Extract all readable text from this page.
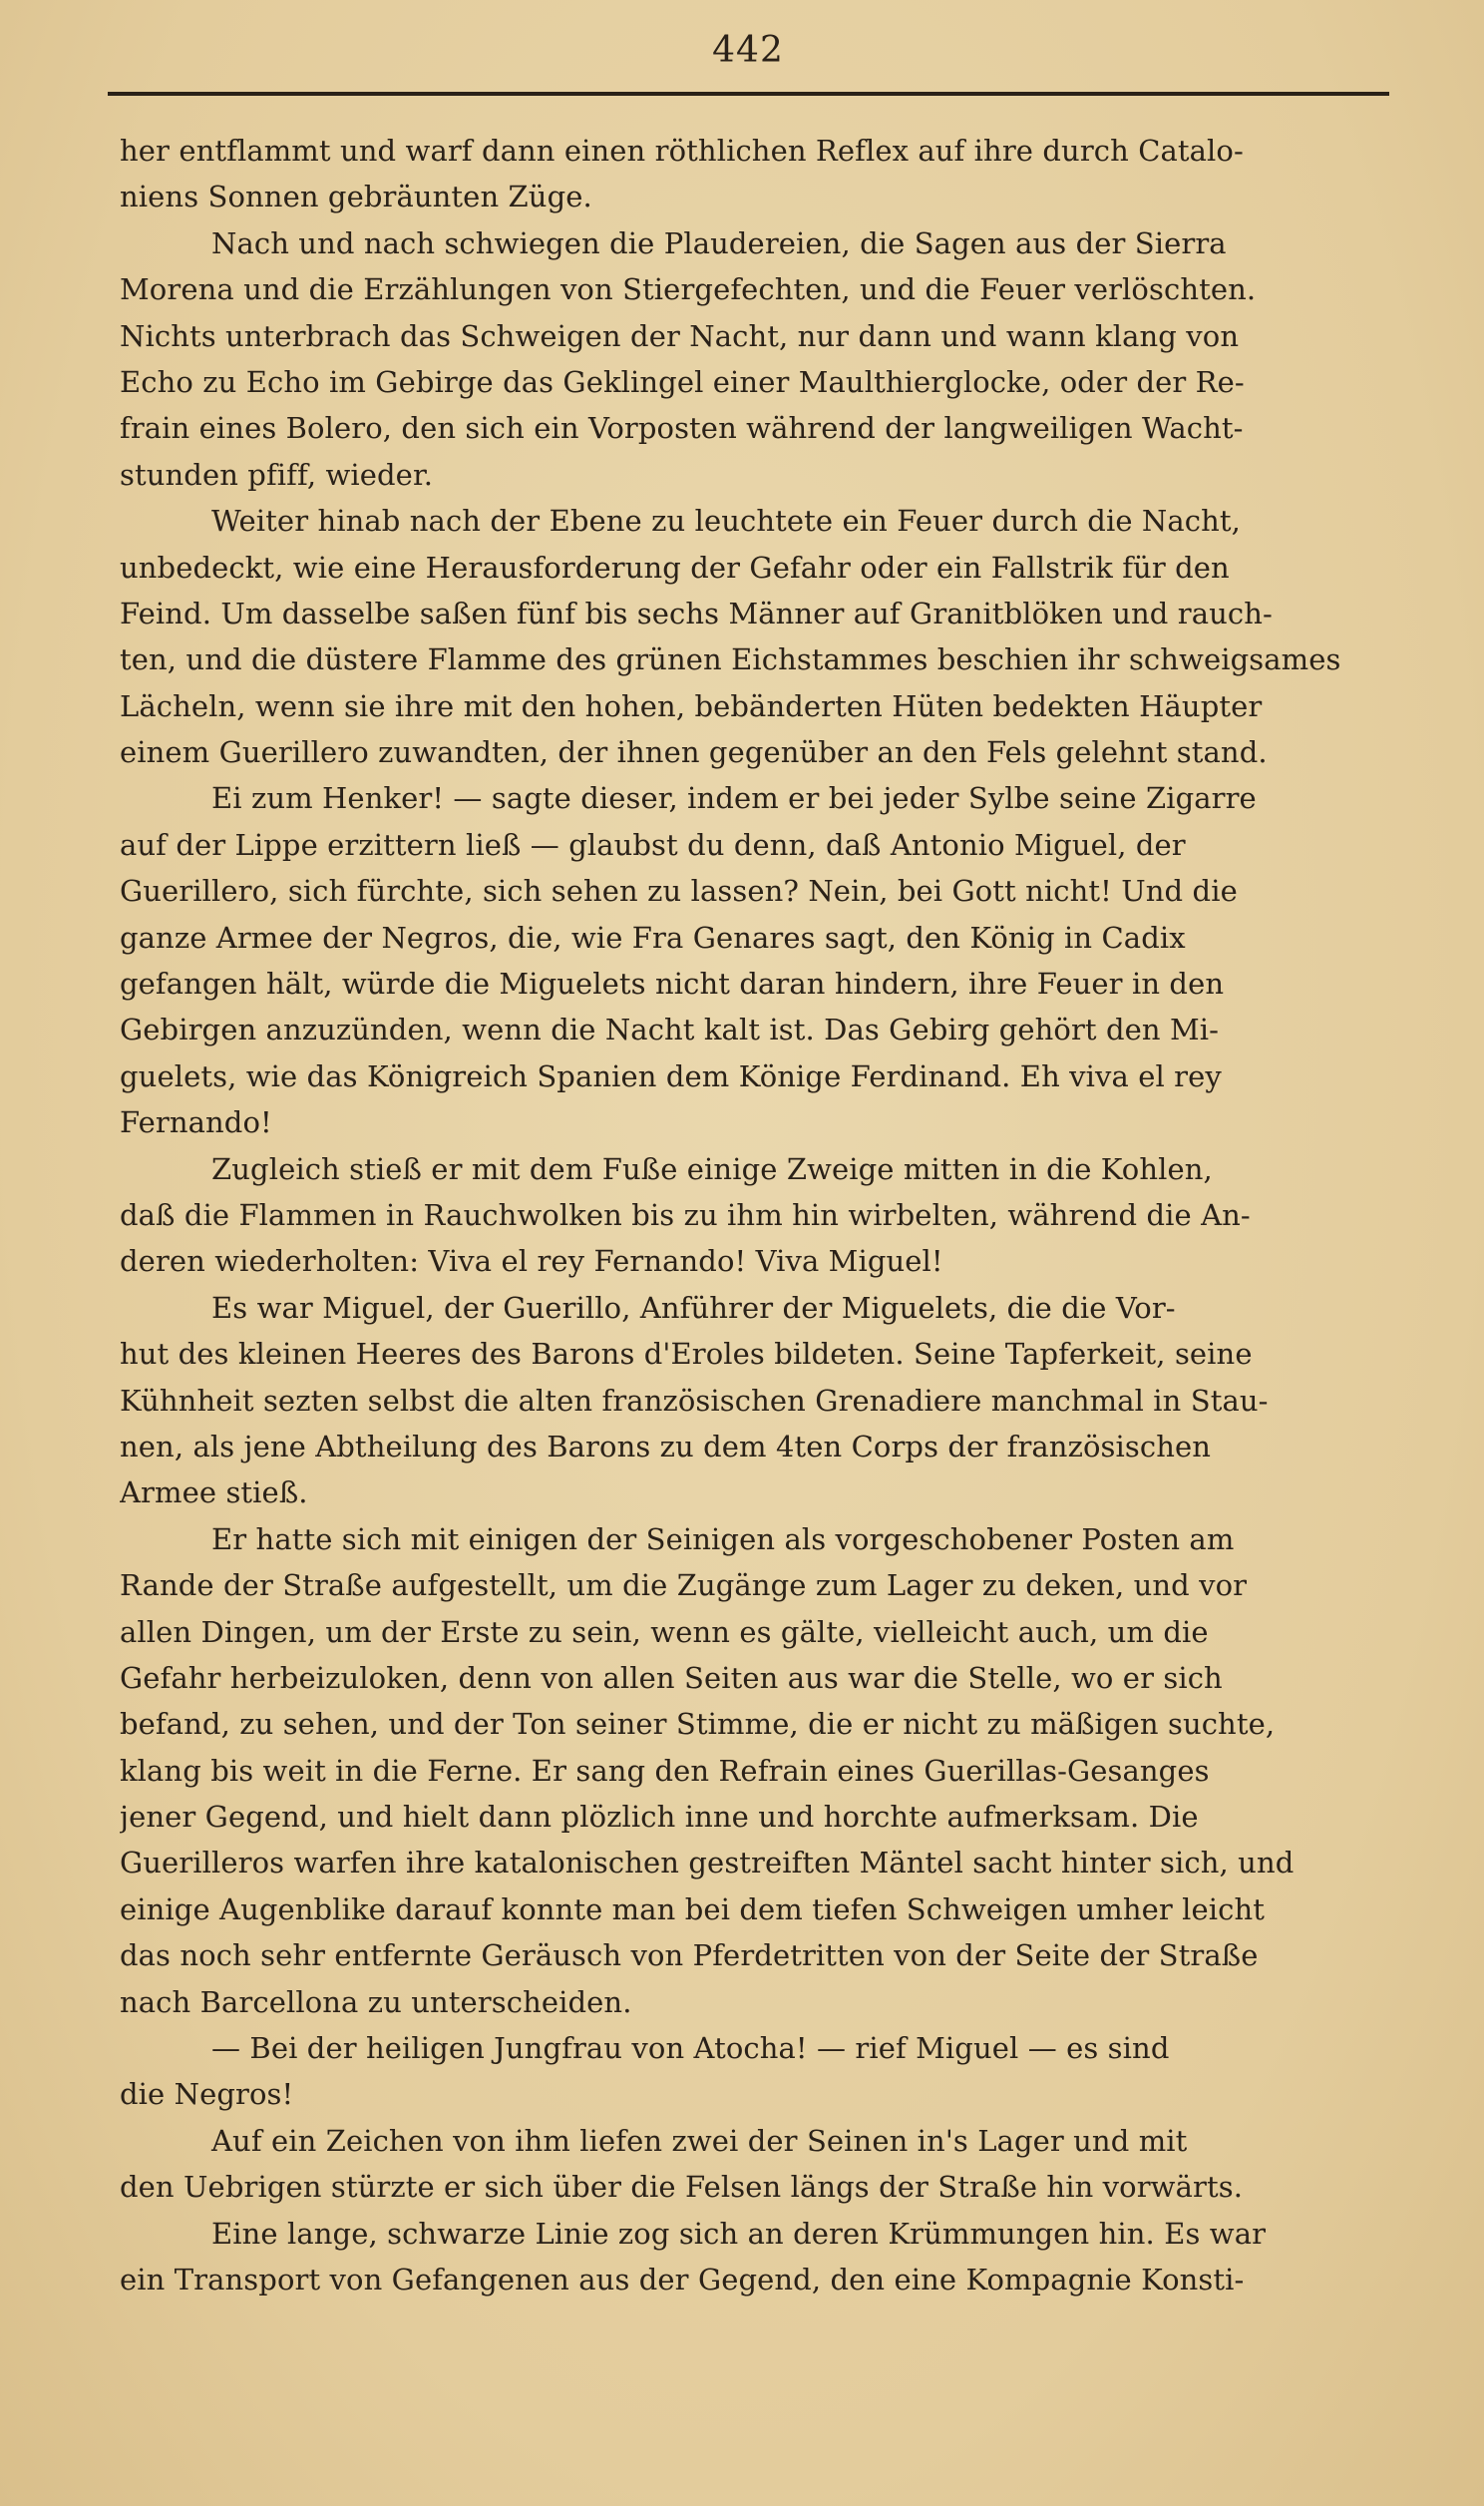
442
her entflammt und warf dann einen röthlichen Reflex auf ihre durch Catalo-
niens Sonnen gebräunten Züge.
Nach und nach schwiegen die Plaudereien, die Sagen aus der Sierra
Morena und die Erzählungen von Stiergefechten, und die Feuer verlöschten.
Nichts unterbrach das Schweigen der Nacht, nur dann und wann klang von
Echo zu Echo im Gebirge das Geklingel einer Maulthierglocke, oder der Re-
frain eines Bolero, den sich ein Vorposten während der langweiligen Wacht-
stunden pfiff, wieder.
Weiter hinab nach der Ebene zu leuchtete ein Feuer durch die Nacht,
unbedeckt, wie eine Herausforderung der Gefahr oder ein Fallstrik für den
Feind. Um dasselbe saßen fünf bis sechs Männer auf Granitblöken und rauch-
ten, und die düstere Flamme des grünen Eichstammes beschien ihr schweigsames
Lächeln, wenn sie ihre mit den hohen, bebänderten Hüten bedekten Häupter
einem Guerillero zuwandten, der ihnen gegenüber an den Fels gelehnt stand.
Ei zum Henker! — sagte dieser, indem er bei jeder Sylbe seine Zigarre
auf der Lippe erzittern ließ — glaubst du denn, daß Antonio Miguel, der
Guerillero, sich fürchte, sich sehen zu lassen? Nein, bei Gott nicht! Und die
ganze Armee der Negros, die, wie Fra Genares sagt, den König in Cadix
gefangen hält, würde die Miguelets nicht daran hindern, ihre Feuer in den
Gebirgen anzuzünden, wenn die Nacht kalt ist. Das Gebirg gehört den Mi-
guelets, wie das Königreich Spanien dem Könige Ferdinand. Eh viva el rey
Fernando!
Zugleich stieß er mit dem Fuße einige Zweige mitten in die Kohlen,
daß die Flammen in Rauchwolken bis zu ihm hin wirbelten, während die An-
deren wiederholten: Viva el rey Fernando! Viva Miguel!
Es war Miguel, der Guerillo, Anführer der Miguelets, die die Vor-
hut des kleinen Heeres des Barons d'Eroles bildeten. Seine Tapferkeit, seine
Kühnheit sezten selbst die alten französischen Grenadiere manchmal in Stau-
nen, als jene Abtheilung des Barons zu dem 4ten Corps der französischen
Armee stieß.
Er hatte sich mit einigen der Seinigen als vorgeschobener Posten am
Rande der Straße aufgestellt, um die Zugänge zum Lager zu deken, und vor
allen Dingen, um der Erste zu sein, wenn es gälte, vielleicht auch, um die
Gefahr herbeizuloken, denn von allen Seiten aus war die Stelle, wo er sich
befand, zu sehen, und der Ton seiner Stimme, die er nicht zu mäßigen suchte,
klang bis weit in die Ferne. Er sang den Refrain eines Guerillas-Gesanges
jener Gegend, und hielt dann plözlich inne und horchte aufmerksam. Die
Guerilleros warfen ihre katalonischen gestreiften Mäntel sacht hinter sich, und
einige Augenblike darauf konnte man bei dem tiefen Schweigen umher leicht
das noch sehr entfernte Geräusch von Pferdetritten von der Seite der Straße
nach Barcellona zu unterscheiden.
— Bei der heiligen Jungfrau von Atocha! — rief Miguel — es sind
die Negros!
Auf ein Zeichen von ihm liefen zwei der Seinen in's Lager und mit
den Uebrigen stürzte er sich über die Felsen längs der Straße hin vorwärts.
Eine lange, schwarze Linie zog sich an deren Krümmungen hin. Es war
ein Transport von Gefangenen aus der Gegend, den eine Kompagnie Konsti-
